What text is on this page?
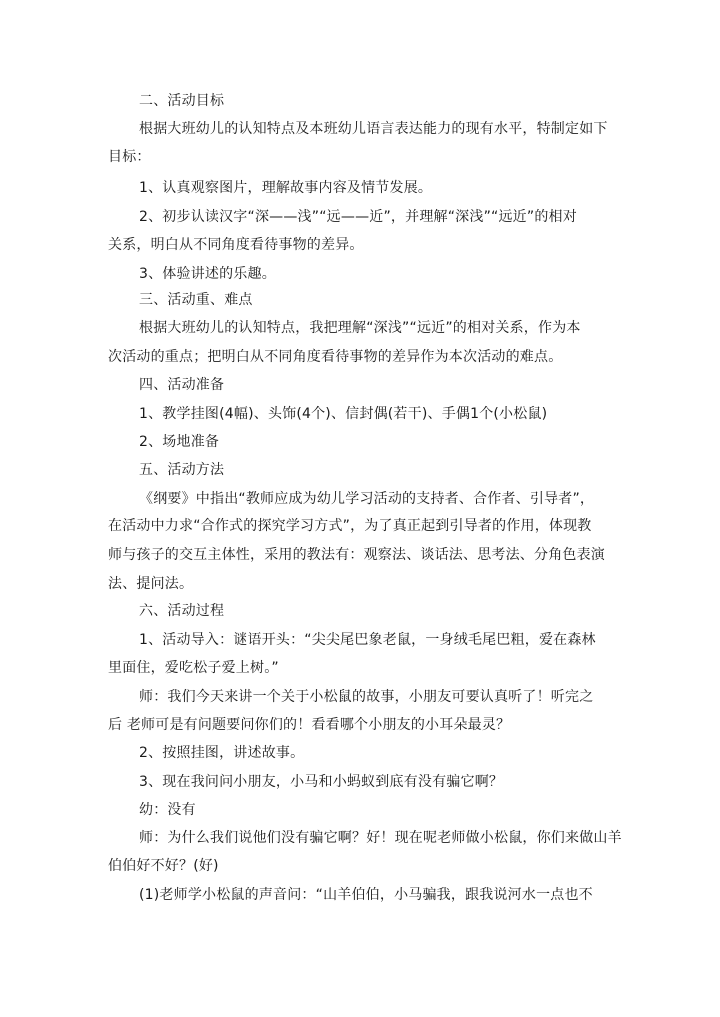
二、活动目标
根据大班幼儿的认知特点及本班幼儿语言表达能力的现有水平，特制定如下
目标：
1、认真观察图片，理解故事内容及情节发展。
2、初步认读汉字“深——浅”“远——近”，并理解“深浅”“远近”的相对
关系，明白从不同角度看待事物的差异。
3、体验讲述的乐趣。
三、活动重、难点
根据大班幼儿的认知特点，我把理解“深浅”“远近”的相对关系，作为本
次活动的重点；把明白从不同角度看待事物的差异作为本次活动的难点。
四、活动准备
1、教学挂图(4幅)、头饰(4个)、信封偶(若干)、手偶1个(小松鼠)
2、场地准备
五、活动方法
《纲要》中指出“教师应成为幼儿学习活动的支持者、合作者、引导者”，
在活动中力求“合作式的探究学习方式”，为了真正起到引导者的作用，体现教
师与孩子的交互主体性，采用的教法有：观察法、谈话法、思考法、分角色表演
法、提问法。
六、活动过程
1、活动导入：谜语开头：“尖尖尾巴象老鼠，一身绒毛尾巴粗，爱在森林
里面住，爱吃松子爱上树。”
师：我们今天来讲一个关于小松鼠的故事，小朋友可要认真听了！听完之
后 老师可是有问题要问你们的！看看哪个小朋友的小耳朵最灵？
2、按照挂图，讲述故事。
3、现在我问问小朋友，小马和小蚂蚁到底有没有骗它啊？
幼：没有
师：为什么我们说他们没有骗它啊？好！现在呢老师做小松鼠，你们来做山羊
伯伯好不好？(好)
(1)老师学小松鼠的声音问：“山羊伯伯，小马骗我，跟我说河水一点也不
